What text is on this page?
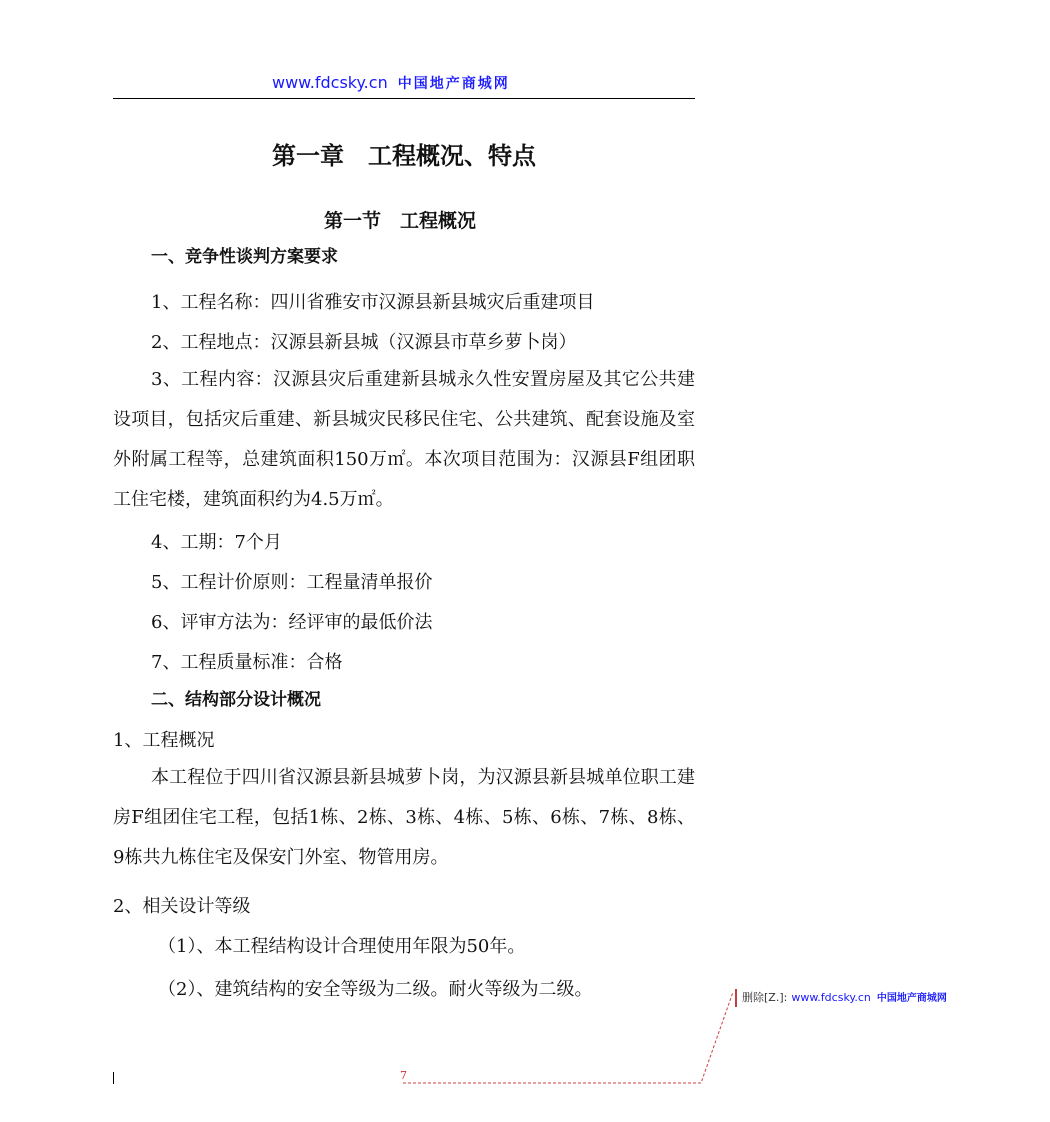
www.fdcsky.cn 中国地产商城网
第一章　工程概况、特点
第一节　工程概况
一、竞争性谈判方案要求
1、工程名称：四川省雅安市汉源县新县城灾后重建项目
2、工程地点：汉源县新县城（汉源县市草乡萝卜岗）
3、工程内容：汉源县灾后重建新县城永久性安置房屋及其它公共建设项目，包括灾后重建、新县城灾民移民住宅、公共建筑、配套设施及室外附属工程等，总建筑面积150万㎡。本次项目范围为：汉源县F组团职工住宅楼，建筑面积约为4.5万㎡。
4、工期：7个月
5、工程计价原则：工程量清单报价
6、评审方法为：经评审的最低价法
7、工程质量标准：合格
二、结构部分设计概况
1、工程概况
本工程位于四川省汉源县新县城萝卜岗，为汉源县新县城单位职工建房F组团住宅工程，包括1栋、2栋、3栋、4栋、5栋、6栋、7栋、8栋、9栋共九栋住宅及保安门外室、物管用房。
2、相关设计等级
（1）、本工程结构设计合理使用年限为50年。
（2）、建筑结构的安全等级为二级。耐火等级为二级。	删除[Z.]: www.fdcsky.cn 中国地产商城网
7
